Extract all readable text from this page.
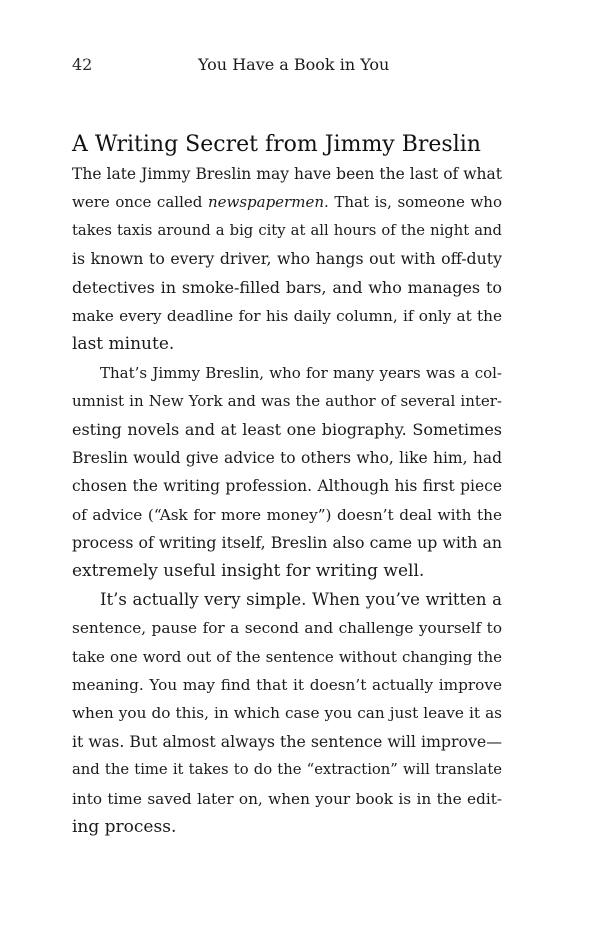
42	You Have a Book in You
A Writing Secret from Jimmy Breslin
The late Jimmy Breslin may have been the last of what
were once called newspapermen. That is, someone who
takes taxis around a big city at all hours of the night and
is known to every driver, who hangs out with off-duty
detectives in smoke-filled bars, and who manages to
make every deadline for his daily column, if only at the
last minute.
That’s Jimmy Breslin, who for many years was a col-
umnist in New York and was the author of several inter-
esting novels and at least one biography. Sometimes
Breslin would give advice to others who, like him, had
chosen the writing profession. Although his first piece
of advice (“Ask for more money”) doesn’t deal with the
process of writing itself, Breslin also came up with an
extremely useful insight for writing well.
It’s actually very simple. When you’ve written a
sentence, pause for a second and challenge yourself to
take one word out of the sentence without changing the
meaning. You may find that it doesn’t actually improve
when you do this, in which case you can just leave it as
it was. But almost always the sentence will improve—
and the time it takes to do the “extraction” will translate
into time saved later on, when your book is in the edit-
ing process.
